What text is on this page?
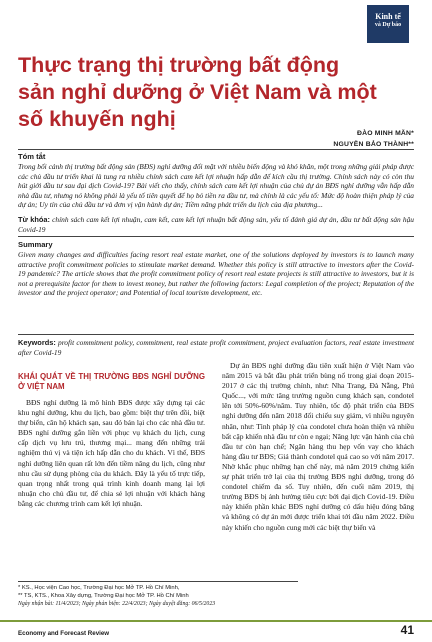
Kinh tế
và Dự báo
Thực trạng thị trường bất động sản nghỉ dưỡng ở Việt Nam và một số khuyến nghị
ĐÀO MINH MẪN*
NGUYỄN BẢO THÀNH**
Tóm tắt
Trong bối cảnh thị trường bất động sản (BĐS) nghỉ dưỡng đối mặt với nhiều biến động và khó khăn, một trong những giải pháp được các chủ đầu tư triển khai là tung ra nhiều chính sách cam kết lợi nhuận hấp dẫn để kích cầu thị trường. Chính sách này có còn thu hút giới đầu tư sau đại dịch Covid-19? Bài viết cho thấy, chính sách cam kết lợi nhuận của chủ dự án BĐS nghỉ dưỡng vẫn hấp dẫn nhà đầu tư, nhưng nó không phải là yếu tố tiên quyết để họ bỏ tiền ra đầu tư, mà chính là các yếu tố: Mức độ hoàn thiện pháp lý của dự án; Uy tín của chủ đầu tư và đơn vị vận hành dự án; Tiềm năng phát triển du lịch của địa phương...
Từ khóa: chính sách cam kết lợi nhuận, cam kết, cam kết lợi nhuận bất động sản, yếu tố đánh giá dự án, đầu tư bất động sản hậu Covid-19
Summary
Given many changes and difficulties facing resort real estate market, one of the solutions deployed by investors is to launch many attractive profit commitment policies to stimulate market demand. Whether this policy is still attractive to investors after the Covid-19 pandemic? The article shows that the profit commitment policy of resort real estate projects is still attractive to investors, but it is not a prerequisite factor for them to invest money, but rather the following factors: Legal completion of the project; Reputation of the investor and the project operator; and Potential of local tourism development, etc.
Keywords: profit commitment policy, commitment, real estate profit commitment, project evaluation factors, real estate investment after Covid-19
KHÁI QUÁT VỀ THỊ TRƯỜNG BĐS NGHỈ DƯỠNG Ở VIỆT NAM
BĐS nghỉ dưỡng là mô hình BĐS được xây dựng tại các khu nghỉ dưỡng, khu du lịch, bao gồm: biệt thự trên đồi, biệt thự biển, căn hộ khách sạn, sau đó bán lại cho các nhà đầu tư. BĐS nghỉ dưỡng gắn liền với phục vụ khách du lịch, cung cấp dịch vụ lưu trú, thương mại... mang đến những trải nghiệm thú vị và tiện ích hấp dẫn cho du khách. Vì thế, BĐS nghỉ dưỡng liên quan rất lớn đến tiềm năng du lịch, cũng như nhu cầu sử dụng phòng của du khách. Đây là yếu tố trực tiếp, quan trọng nhất trong quá trình kinh doanh mang lại lợi nhuận cho chủ đầu tư, để chia sẻ lợi nhuận với khách hàng bằng các chương trình cam kết lợi nhuận.
Dự án BĐS nghỉ dưỡng đầu tiên xuất hiện ở Việt Nam vào năm 2015 và bắt đầu phát triển bùng nổ trong giai đoạn 2015-2017 ở các thị trường chính, như: Nha Trang, Đà Nẵng, Phú Quốc..., với mức tăng trưởng nguồn cung khách sạn, condotel lên tới 50%-60%/năm. Tuy nhiên, tốc độ phát triển của BĐS nghỉ dưỡng đến năm 2018 đối chiếu suy giảm, vì nhiều nguyên nhân, như: Tình pháp lý của condotel chưa hoàn thiện và nhiều bất cập khiến nhà đầu tư còn e ngại; Nâng lực vận hành của chủ đầu tư còn hạn chế; Ngân hàng thu hẹp vốn vay cho khách hàng đầu tư BĐS; Giá thành condotel quá cao so với năm 2017. Nhờ khắc phục những hạn chế này, mà năm 2019 chứng kiến sự phát triển trở lại của thị trường BĐS nghỉ dưỡng, trong đó condotel chiếm đa số. Tuy nhiên, đến cuối năm 2019, thị trường BĐS bị ảnh hưởng tiêu cực bởi đại dịch Covid-19. Điều này khiến phần khác BĐS nghỉ dưỡng có dấu hiệu đóng băng và không có dự án mới được triển khai tới đầu năm 2022. Điều này khiến cho nguồn cung mới các biệt thự biển và
* KS., Học viện Cao học, Trường Đại học Mở TP. Hồ Chí Minh,
** TS, KTS., Khoa Xây dựng, Trường Đại học Mở TP. Hồ Chí Minh
Ngày nhận bài: 11/4/2023; Ngày phản biện: 22/4/2023; Ngày duyệt đăng: 06/5/2023
Economy and Forecast Review	41
